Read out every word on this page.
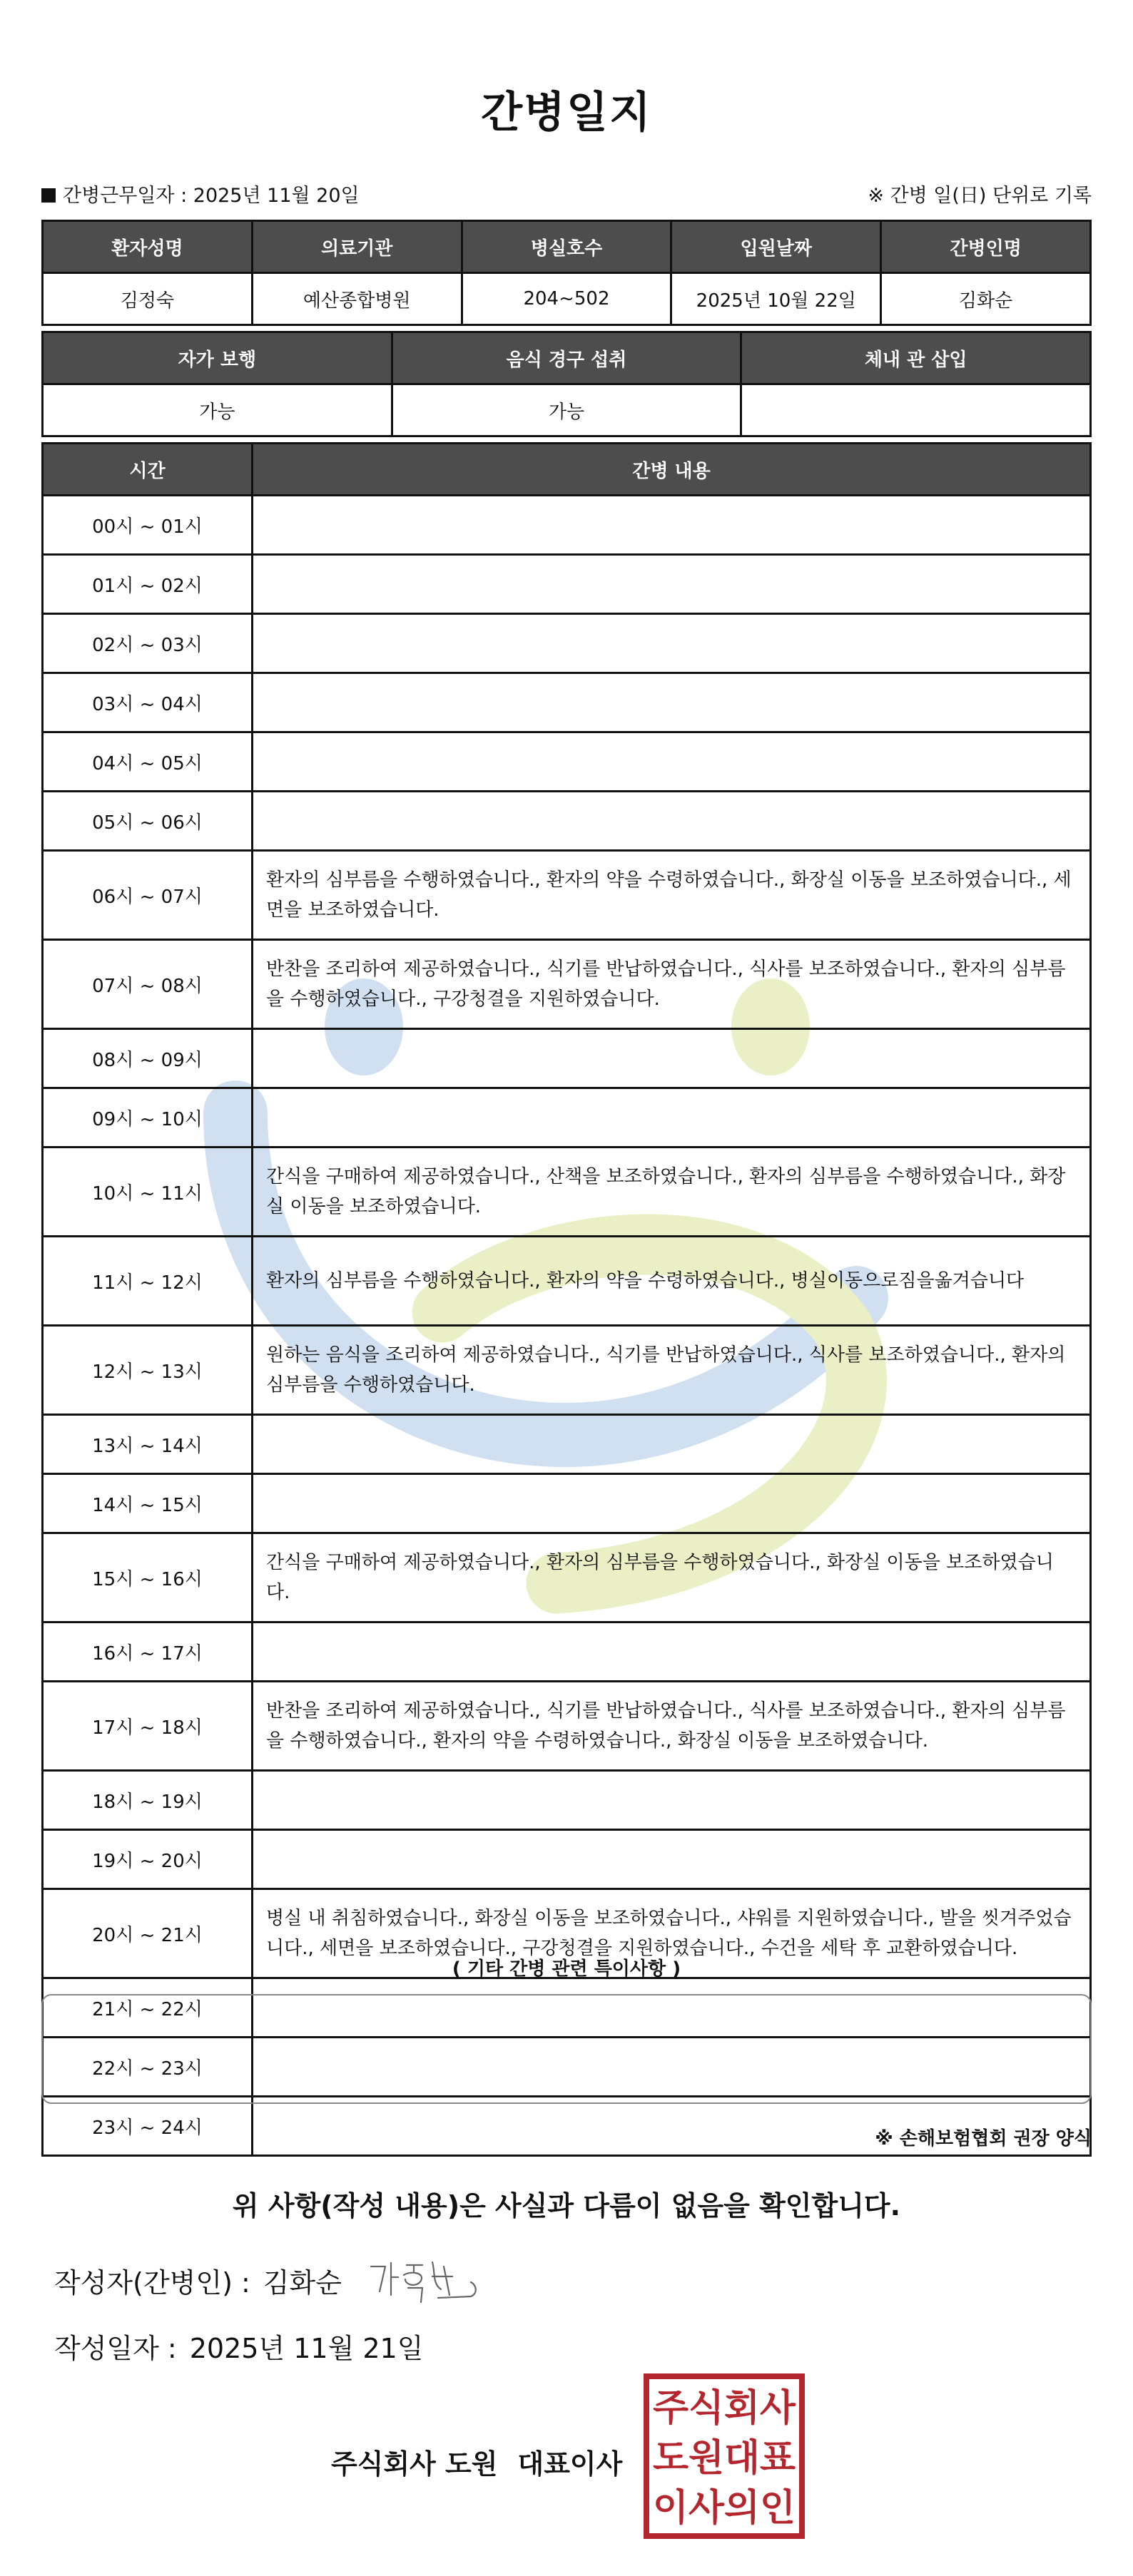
간병일지
간병근무일자 : 2025년 11월 20일	※ 간병 일(日) 단위로 기록
환자성명	의료기관	병실호수	입원날짜	간병인명
김정숙	예산종합병원	204~502	2025년 10월 22일	김화순
자가 보행	음식 경구 섭취	체내 관 삽입
가능	가능	
시간	간병 내용
00시 ~ 01시	
01시 ~ 02시	
02시 ~ 03시	
03시 ~ 04시	
04시 ~ 05시	
05시 ~ 06시	
06시 ~ 07시	환자의 심부름을 수행하였습니다., 환자의 약을 수령하였습니다., 화장실 이동을 보조하였습니다., 세면을 보조하였습니다.
07시 ~ 08시	반찬을 조리하여 제공하였습니다., 식기를 반납하였습니다., 식사를 보조하였습니다., 환자의 심부름을 수행하였습니다., 구강청결을 지원하였습니다.
08시 ~ 09시	
09시 ~ 10시	
10시 ~ 11시	간식을 구매하여 제공하였습니다., 산책을 보조하였습니다., 환자의 심부름을 수행하였습니다., 화장실 이동을 보조하였습니다.
11시 ~ 12시	환자의 심부름을 수행하였습니다., 환자의 약을 수령하였습니다., 병실이동으로짐을옮겨습니다
12시 ~ 13시	원하는 음식을 조리하여 제공하였습니다., 식기를 반납하였습니다., 식사를 보조하였습니다., 환자의 심부름을 수행하였습니다.
13시 ~ 14시	
14시 ~ 15시	
15시 ~ 16시	간식을 구매하여 제공하였습니다., 환자의 심부름을 수행하였습니다., 화장실 이동을 보조하였습니다.
16시 ~ 17시	
17시 ~ 18시	반찬을 조리하여 제공하였습니다., 식기를 반납하였습니다., 식사를 보조하였습니다., 환자의 심부름을 수행하였습니다., 환자의 약을 수령하였습니다., 화장실 이동을 보조하였습니다.
18시 ~ 19시	
19시 ~ 20시	
20시 ~ 21시	병실 내 취침하였습니다., 화장실 이동을 보조하였습니다., 샤워를 지원하였습니다., 발을 씻겨주었습니다., 세면을 보조하였습니다., 구강청결을 지원하였습니다., 수건을 세탁 후 교환하였습니다.
21시 ~ 22시	
22시 ~ 23시	
23시 ~ 24시	
( 기타 간병 관련 특이사항 )
※ 손해보험협회 권장 양식
위 사항(작성 내용)은 사실과 다름이 없음을 확인합니다.
작성자(간병인) : 김화순
작성일자 : 2025년 11월 21일
주식회사 도원 대표이사
주식회사
도원대표
이사의인
